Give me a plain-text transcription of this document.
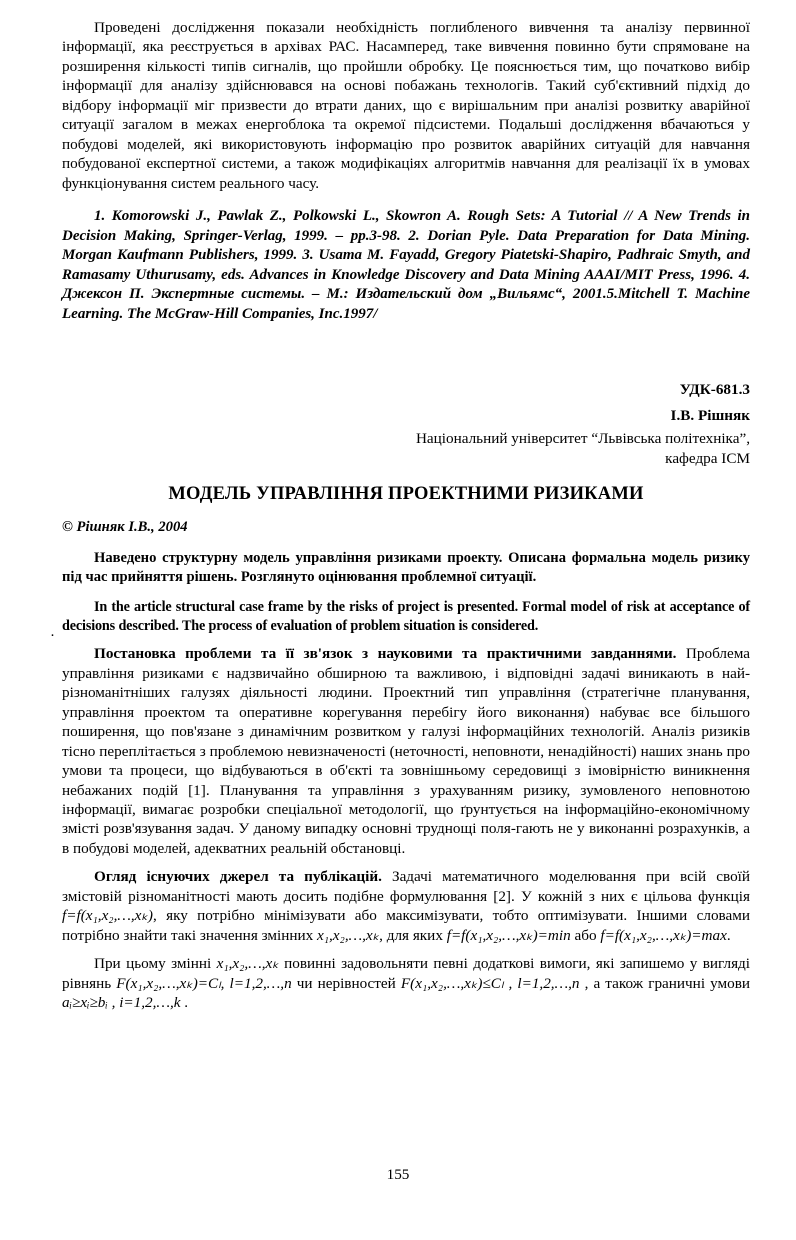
Проведені дослідження показали необхідність поглибленого вивчення та аналізу первинної інформації, яка реєструється в архівах РАС. Насамперед, таке вивчення повинно бути спрямоване на розширення кількості типів сигналів, що пройшли обробку. Це пояснюється тим, що початково вибір інформації для аналізу здійснювався на основі побажань технологів. Такий суб'єктивний підхід до відбору інформації міг призвести до втрати даних, що є вирішальним при аналізі розвитку аварійної ситуації загалом в межах енергоблока та окремої підсистеми. Подальші дослідження вбачаються у побудові моделей, які використовують інформацію про розвиток аварійних ситуацій для навчання побудованої експертної системи, а також модифікаціях алгоритмів навчання для реалізації їх в умовах функціонування систем реального часу.

1. Komorowski J., Pawlak Z., Polkowski L., Skowron A. Rough Sets: A Tutorial // A New Trends in Decision Making, Springer-Verlag, 1999. – pp.3-98. 2. Dorian Pyle. Data Preparation for Data Mining. Morgan Kaufmann Publishers, 1999. 3. Usama M. Fayadd, Gregory Piatetski-Shapiro, Padhraic Smyth, and Ramasamy Uthurusamy, eds. Advances in Knowledge Discovery and Data Mining AAAI/MIT Press, 1996. 4. Джексон П. Экспертные системы. – М.: Издательский дом „Вильямс“, 2001.5.Mitchell T. Machine Learning. The McGraw-Hill Companies, Inc.1997/

УДК-681.3

І.В. Рішняк

Національний університет “Львівська політехніка”,

кафедра ІСМ

МОДЕЛЬ УПРАВЛІННЯ ПРОЕКТНИМИ РИЗИКАМИ

© Рішняк І.В., 2004

·

Наведено структурну модель управління ризиками проекту. Описана формальна модель ризику під час прийняття рішень. Розглянуто оцінювання проблемної ситуації.

In the article structural case frame by the risks of project is presented. Formal model of risk at acceptance of decisions described. The process of evaluation of problem situation is considered.

Постановка проблеми та її зв'язок з науковими та практичними завданнями. Проблема управління ризиками є надзвичайно обширною та важливою, і відповідні задачі виникають в най-різноманітніших галузях діяльності людини. Проектний тип управління (стратегічне планування, управління проектом та оперативне корегування перебігу його виконання) набуває все більшого поширення, що пов'язане з динамічним розвитком у галузі інформаційних технологій. Аналіз ризиків тісно переплітається з проблемою невизначеності (неточності, неповноти, ненадійності) наших знань про умови та процеси, що відбуваються в об'єкті та зовнішньому середовищі з імовірністю виникнення небажаних подій [1]. Планування та управління з урахуванням ризику, зумовленого неповнотою інформації, вимагає розробки спеціальної методології, що ґрунтується на інформаційно-економічному змісті розв'язування задач. У даному випадку основні труднощі поля-гають не у виконанні розрахунків, а в побудові моделей, адекватних реальній обстановці.

Огляд існуючих джерел та публікацій. Задачі математичного моделювання при всій своїй змістовій різноманітності мають досить подібне формулювання [2]. У кожній з них є цільова функція f=f(x₁,x₂,…,xₖ), яку потрібно мінімізувати або максимізувати, тобто оптимізувати. Іншими словами потрібно знайти такі значення змінних x₁,x₂,…,xₖ, для яких f=f(x₁,x₂,…,xₖ)=min або f=f(x₁,x₂,…,xₖ)=max.

При цьому змінні x₁,x₂,…,xₖ повинні задовольняти певні додаткові вимоги, які запишемо у вигляді рівнянь F(x₁,x₂,…,xₖ)=Cₗ, l=1,2,…,n чи нерівностей F(x₁,x₂,…,xₖ)≤Cₗ , l=1,2,…,n , а також граничні умови aᵢ≥xᵢ≥bᵢ , i=1,2,…,k .

155
